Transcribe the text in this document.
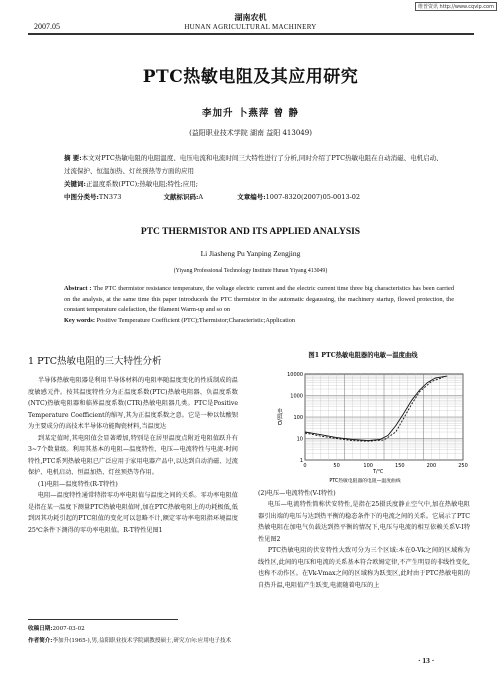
维普资讯 http://www.cqvip.com
湖南农机
2007.05	HUNAN AGRICULTURAL MACHINERY
PTC热敏电阻及其应用研究
李加升 卜燕萍 曾 静
(益阳职业技术学院 湖南 益阳 413049)
摘 要:本文对PTC热敏电阻的电阻温度、电压电流和电流时间三大特性进行了分析,同时介绍了PTC热敏电阻在自动消磁、电机启动、过流保护、恒温加热、灯丝预热等方面的应用
关键词:正温度系数(PTC);热敏电阻;特性;应用;
中图分类号:TN373	文献标识码:A	文章编号:1007-8320(2007)05-0013-02
PTC THERMISTOR AND ITS APPLIED ANALYSIS
Li Jiasheng Pu Yanping Zengjing
(Yiyang Professional Technology Institute Hunan Yiyang 413049)
Abstract : The PTC thermistor resistance temperature, the voltage electric current and the electric current time three big characteristics has been carried on the analysis, at the same time this paper introduceds the PTC thermistor in the automatic degaussing, the machinery startup, flowed protection, the constant temperature calefaction, the filament Warm-up and so on
Key words: Positive Temperature Coefficient (PTC);Thermistor;Characteristic;Application
1 PTC热敏电阻的三大特性分析

半导体热敏电阻器是利用半导体材料的电阻率随温度变化的性质制成的温度敏感元件。按其温度特性分为正温度系数(PTC)热敏电阻器、负温度系数(NTC)热敏电阻器和临界温度系数(CTR)热敏电阻器几类。PTC是Positive Temperature Coefficient的缩写,其为正温度系数之意。它是一种以钛酸钡为主要成分的高技术半导体功能陶瓷材料,当温度达

到某定值时,其电阻值会显著增加,特别是在居里温度点附近电阻值跃升有3~7个数量级。利用其基本的电阻—温度特性、电压—电流特性与电流-时间特性,PTC系列热敏电阻已广泛应用于家用电器产品中,以达到自动消磁、过流保护、电机启动、恒温加热、灯丝预热等作用。

(1)电阻—温度特性(R-T特性)

电阻—温度特性通常特指零功率电阻值与温度之间的关系。零功率电阻值是指在某一温度下测量PTC热敏电阻值时,加在PTC热敏电阻上的功耗极低,低到因其功耗引起的PTC阻值的变化可以忽略不计,额定零功率电阻指环境温度25℃条件下测得的零功率电阻值。R-T特性见图1

图1 PTC热敏电阻器的电敏—温度曲线
1
10
100
1000
10000
0	50	100	150	200	250
电阻/Ω
T/℃
PTC热敏电阻器的电阻—温度曲线
(2)电压—电流特性(V-I特性)

电压—电流特性简称伏安特性,是指在25摄氏度静止空气中,加在热敏电阻器引出端的电压与达到热平衡的稳态条件下的电流之间的关系。它展示了PTC热敏电阻在加电气负载达到热平衡的情况下,电压与电流的相互依赖关系V-I特性见图2

PTC热敏电阻的伏安特性大致可分为三个区域:本在0-Vk之间的区域称为线性区,此间的电压和电流的关系基本符合欧姆定律,不产生明显的非线性变化,也称不动作区。在Vk-Vmax之间的区域称为跃变区,此时由于PTC热敏电阻的自热升温,电阻值产生跃变,电流随着电压的上

收稿日期:2007-03-02
作者简介:李加升(1965-),男,益阳职业技术学院副教授硕士,研究方向:应用电子技术
· 13 ·
